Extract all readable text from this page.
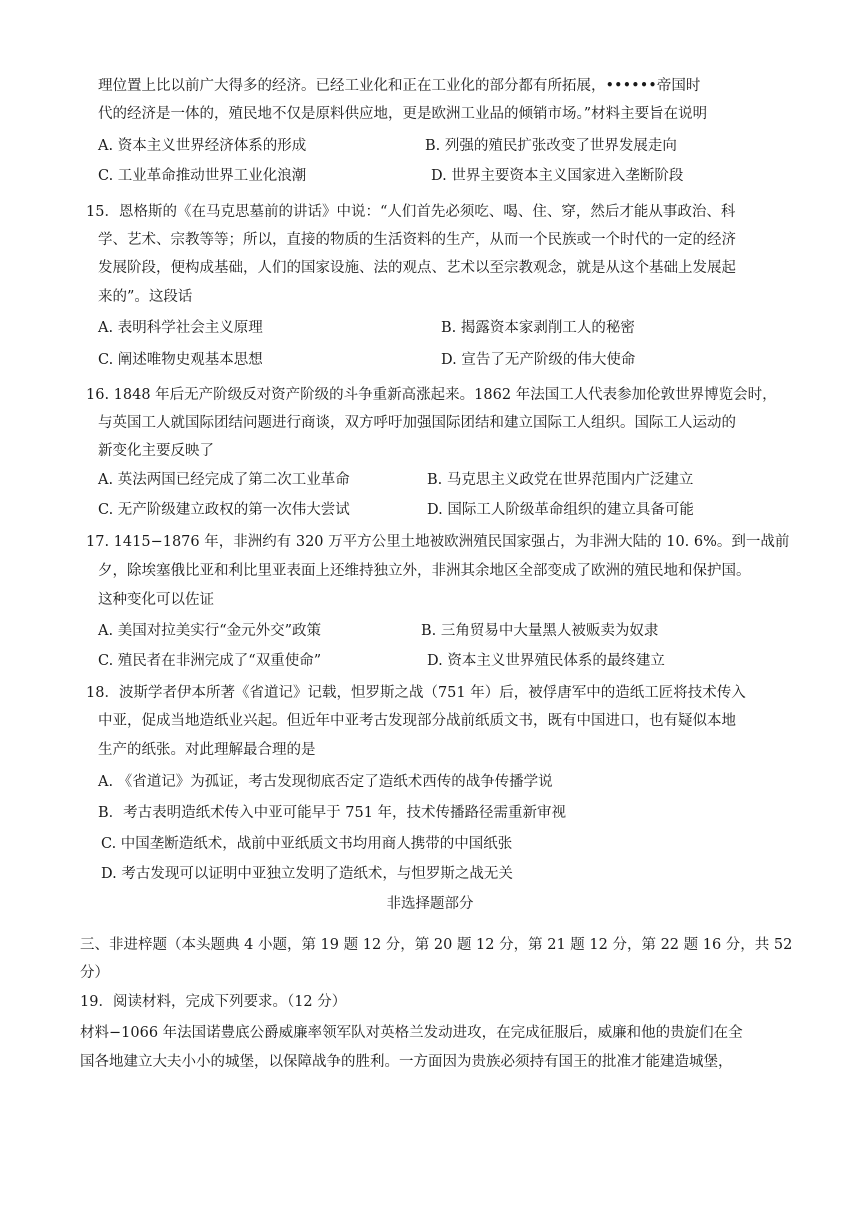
理位置上比以前广大得多的经济。已经工业化和正在工业化的部分都有所拓展，••••••帝国时
代的经济是一体的，殖民地不仅是原料供应地，更是欧洲工业品的倾销市场。”材料主要旨在说明
A. 资本主义世界经济体系的形成	B. 列强的殖民扩张改变了世界发展走向
C. 工业革命推动世界工业化浪潮	D. 世界主要资本主义国家进入垄断阶段
15．恩格斯的《在马克思墓前的讲话》中说：“人们首先必须吃、喝、住、穿，然后才能从事政治、科
学、艺术、宗教等等；所以，直接的物质的生活资料的生产，从而一个民族或一个时代的一定的经济
发展阶段，便构成基础，人们的国家设施、法的观点、艺术以至宗教观念，就是从这个基础上发展起
来的”。这段话
A. 表明科学社会主义原理	B. 揭露资本家剥削工人的秘密
C. 阐述唯物史观基本思想	D. 宣告了无产阶级的伟大使命
16. 1848 年后无产阶级反对资产阶级的斗争重新高涨起来。1862 年法国工人代表参加伦敦世界博览会时，
与英国工人就国际团结问题进行商谈，双方呼吁加强国际团结和建立国际工人组织。国际工人运动的
新变化主要反映了
A. 英法两国已经完成了第二次工业革命	B. 马克思主义政党在世界范围内广泛建立
C. 无产阶级建立政权的第一次伟大尝试	D. 国际工人阶级革命组织的建立具备可能
17. 1415−1876 年，非洲约有 320 万平方公里土地被欧洲殖民国家强占，为非洲大陆的 10. 6%。到一战前
夕，除埃塞俄比亚和利比里亚表面上还维持独立外，非洲其余地区全部变成了欧洲的殖民地和保护国。
这种变化可以佐证
A. 美国对拉美实行“金元外交”政策	B. 三角贸易中大量黑人被贩卖为奴隶
C. 殖民者在非洲完成了“双重使命”	D. 资本主义世界殖民体系的最终建立
18．波斯学者伊本所著《省道记》记载，怛罗斯之战（751 年）后，被俘唐军中的造纸工匠将技术传入
中亚，促成当地造纸业兴起。但近年中亚考古发现部分战前纸质文书，既有中国进口，也有疑似本地
生产的纸张。对此理解最合理的是
A. 《省道记》为孤证，考古发现彻底否定了造纸术西传的战争传播学说
B．考古表明造纸术传入中亚可能早于 751 年，技术传播路径需重新审视
C. 中国垄断造纸术，战前中亚纸质文书均用商人携带的中国纸张
D. 考古发现可以证明中亚独立发明了造纸术，与怛罗斯之战无关
非选择题部分
三、非进梓题（本头题典 4 小题，第 19 题 12 分，第 20 题 12 分，第 21 题 12 分，第 22 题 16 分，共 52
分）
19．阅读材料，完成下列要求。（12 分）
材料−1066 年法国诺豊底公爵威廉率领军队对英格兰发动进攻，在完成征服后，威廉和他的贵旋们在全
国各地建立大夫小小的城堡，以保障战争的胜利。一方面因为贵族必须持有国王的批准才能建造城堡，
